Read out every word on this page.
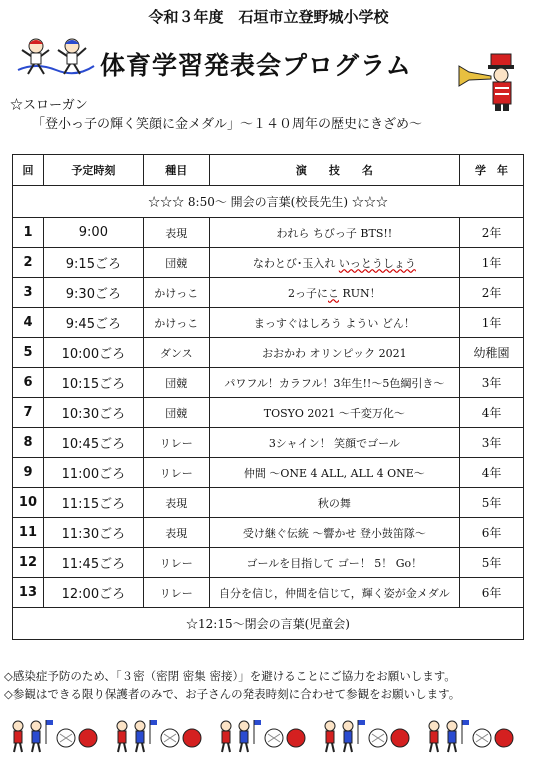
令和３年度　石垣市立登野城小学校
体育学習発表会プログラム
☆スローガン
「登小っ子の輝く笑顔に金メダル」～１４０周年の歴史にきざめ～
回	予定時刻	種目	演　　技　　名	学　年
☆☆☆ 8:50～ 開会の言葉(校長先生) ☆☆☆				
1	9:00	表現	われら ちびっ子 BTS!!	2年
2	9:15ごろ	団競	なわとび･玉入れ いっとうしょう	1年
3	9:30ごろ	かけっこ	2っ子にこ RUN！	2年
4	9:45ごろ	かけっこ	まっすぐはしろう ようい どん！	1年
5	10:00ごろ	ダンス	おおかわ オリンピック 2021	幼稚園
6	10:15ごろ	団競	パワフル！カラフル！3年生!!～5色綱引き～	3年
7	10:30ごろ	団競	TOSYO 2021 ～千変万化～	4年
8	10:45ごろ	リレー	3シャイン！ 笑顔でゴール	3年
9	11:00ごろ	リレー	仲間 ～ONE 4 ALL, ALL 4 ONE～	4年
10	11:15ごろ	表現	秋の舞	5年
11	11:30ごろ	表現	受け継ぐ伝統 ～響かせ 登小鼓笛隊～	6年
12	11:45ごろ	リレー	ゴールを目指して ゴー！ 5！ Go！	5年
13	12:00ごろ	リレー	自分を信じ，仲間を信じて，輝く姿が金メダル	6年
☆12:15～閉会の言葉(児童会)				
◇感染症予防のため、「３密（密閉 密集 密接）」を避けることにご協力をお願いします。
◇参観はできる限り保護者のみで、お子さんの発表時刻に合わせて参観をお願いします。
